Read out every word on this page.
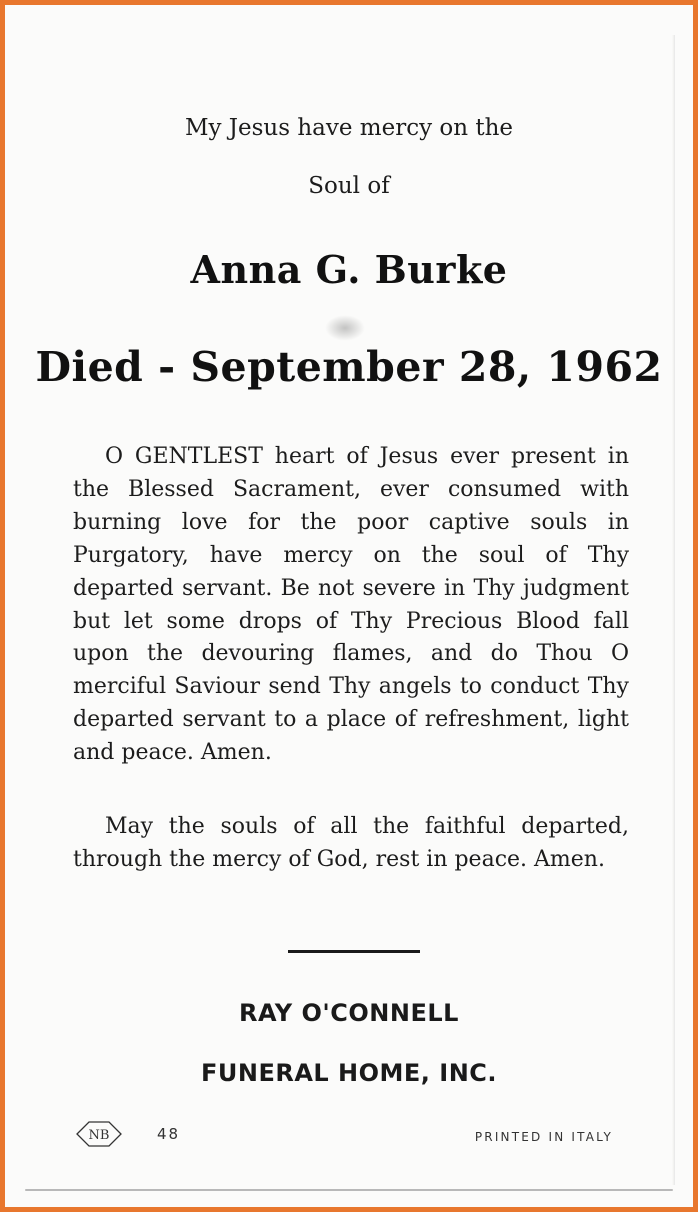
My Jesus have mercy on the
Soul of
Anna G. Burke
Died - September 28, 1962

O GENTLEST heart of Jesus ever present in the Blessed Sacrament, ever consumed with burning love for the poor captive souls in Purgatory, have mercy on the soul of Thy departed servant. Be not severe in Thy judgment but let some drops of Thy Precious Blood fall upon the devouring flames, and do Thou O merciful Saviour send Thy angels to conduct Thy departed servant to a place of refreshment, light and peace. Amen.

May the souls of all the faithful departed, through the mercy of God, rest in peace. Amen.

RAY O'CONNELL
FUNERAL HOME, INC.
NB	48	PRINTED IN ITALY
